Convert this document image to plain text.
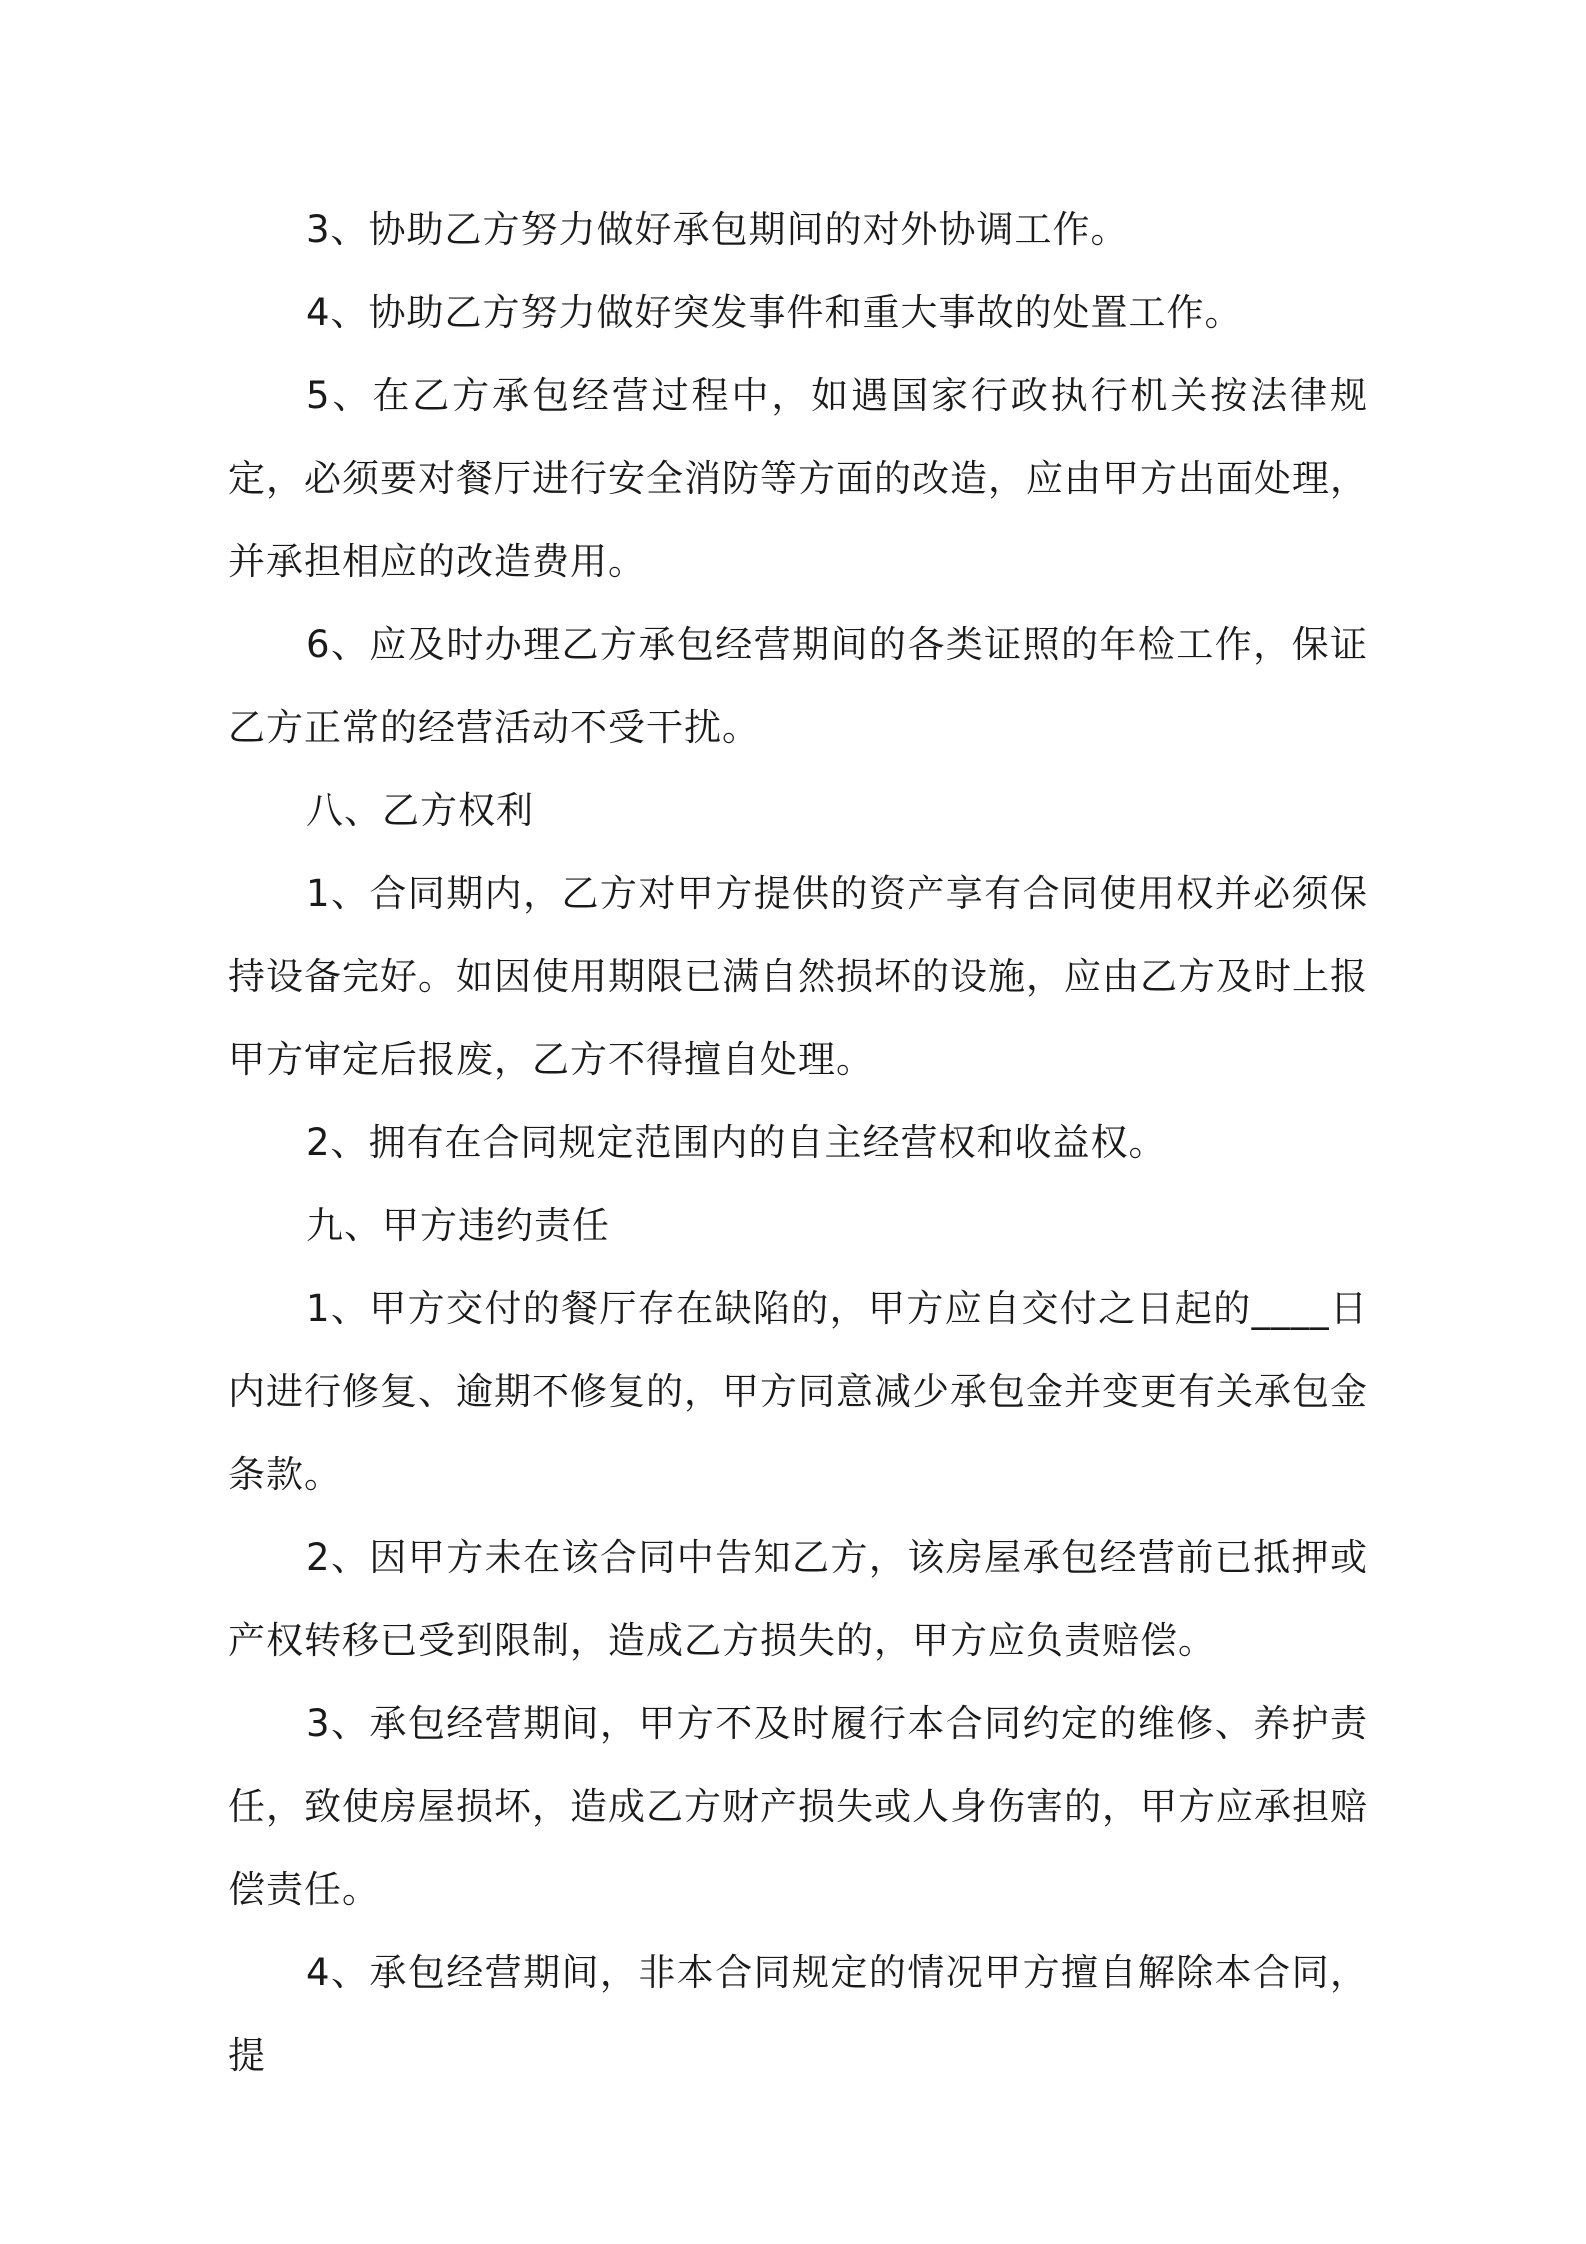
3、协助乙方努力做好承包期间的对外协调工作。

4、协助乙方努力做好突发事件和重大事故的处置工作。

5、在乙方承包经营过程中，如遇国家行政执行机关按法律规定，必须要对餐厅进行安全消防等方面的改造，应由甲方出面处理，并承担相应的改造费用。

6、应及时办理乙方承包经营期间的各类证照的年检工作，保证乙方正常的经营活动不受干扰。

八、乙方权利

1、合同期内，乙方对甲方提供的资产享有合同使用权并必须保持设备完好。如因使用期限已满自然损坏的设施，应由乙方及时上报甲方审定后报废，乙方不得擅自处理。

2、拥有在合同规定范围内的自主经营权和收益权。

九、甲方违约责任

1、甲方交付的餐厅存在缺陷的，甲方应自交付之日起的____日内进行修复、逾期不修复的，甲方同意减少承包金并变更有关承包金条款。

2、因甲方未在该合同中告知乙方，该房屋承包经营前已抵押或产权转移已受到限制，造成乙方损失的，甲方应负责赔偿。

3、承包经营期间，甲方不及时履行本合同约定的维修、养护责任，致使房屋损坏，造成乙方财产损失或人身伤害的，甲方应承担赔偿责任。

4、承包经营期间，非本合同规定的情况甲方擅自解除本合同，提
